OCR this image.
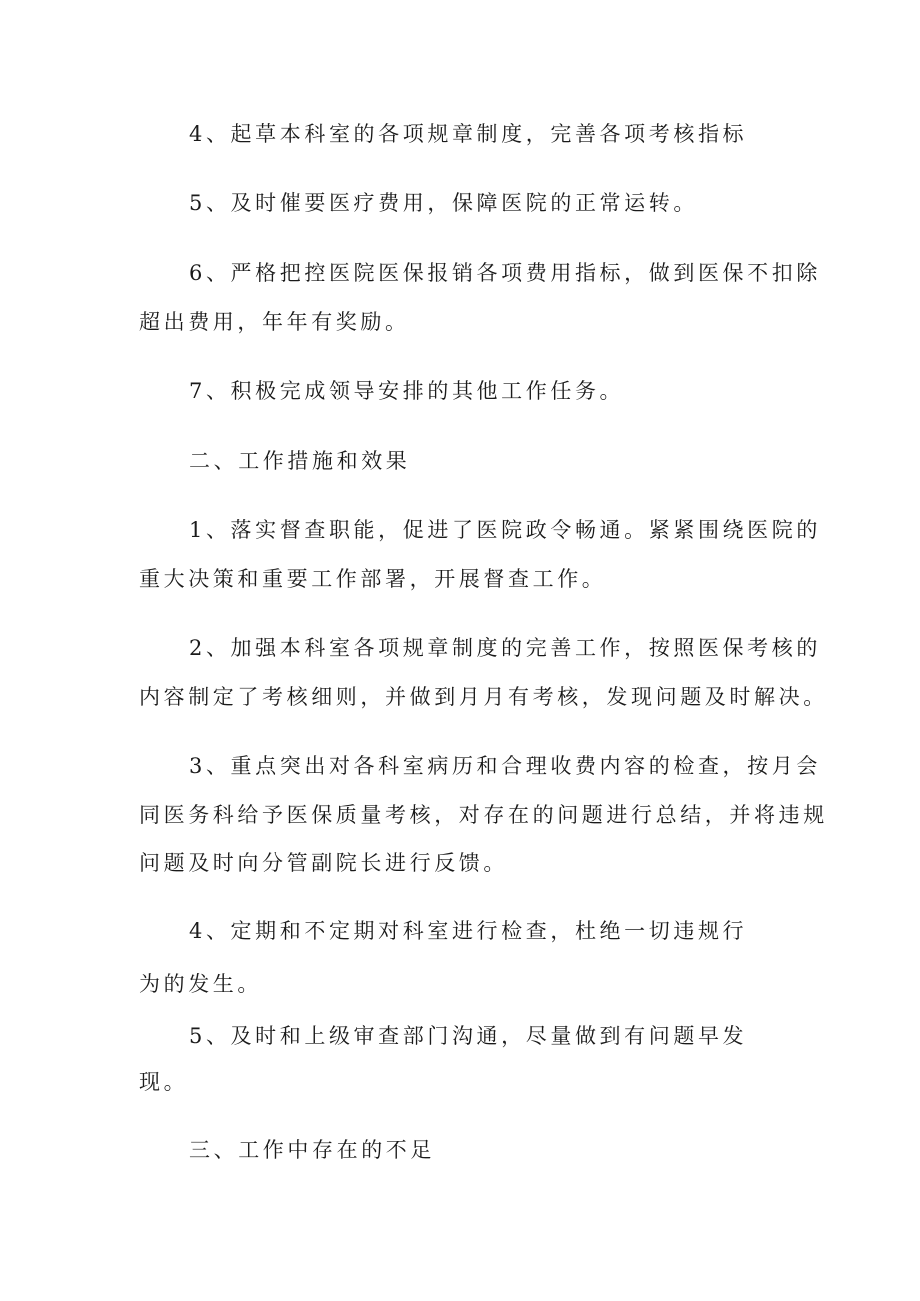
4、起草本科室的各项规章制度，完善各项考核指标
5、及时催要医疗费用，保障医院的正常运转。
6、严格把控医院医保报销各项费用指标，做到医保不扣除
超出费用，年年有奖励。
7、积极完成领导安排的其他工作任务。
二、工作措施和效果
1、落实督查职能，促进了医院政令畅通。紧紧围绕医院的
重大决策和重要工作部署，开展督查工作。
2、加强本科室各项规章制度的完善工作，按照医保考核的
内容制定了考核细则，并做到月月有考核，发现问题及时解决。
3、重点突出对各科室病历和合理收费内容的检查，按月会
同医务科给予医保质量考核，对存在的问题进行总结，并将违规
问题及时向分管副院长进行反馈。
4、定期和不定期对科室进行检查，杜绝一切违规行
为的发生。
5、及时和上级审查部门沟通，尽量做到有问题早发
现。
三、工作中存在的不足
